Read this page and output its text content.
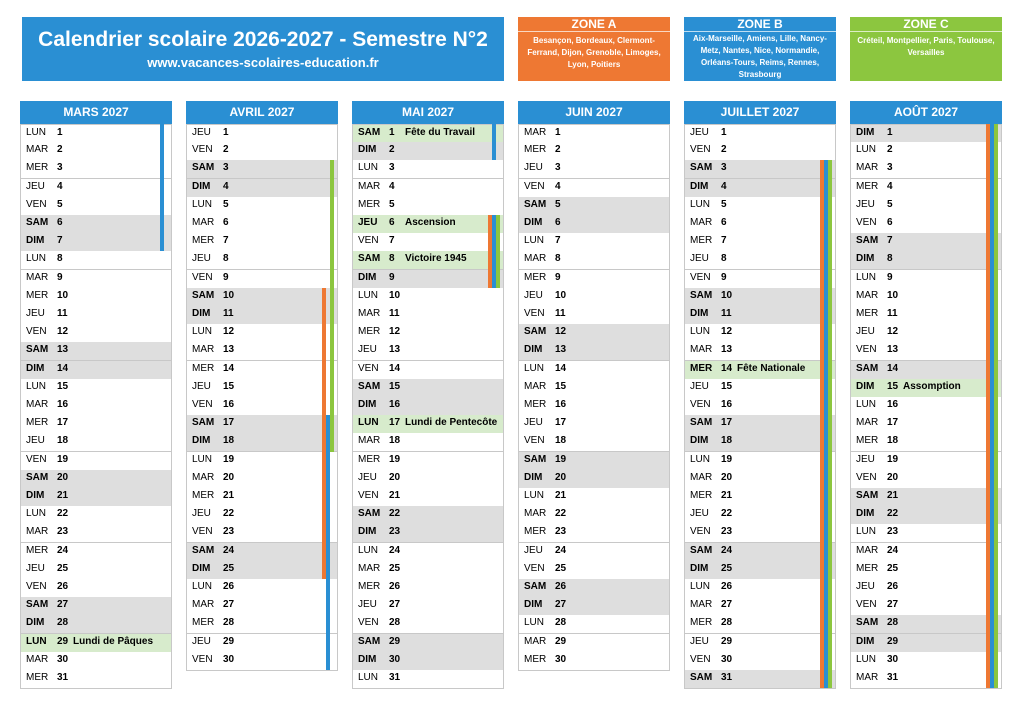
Calendrier scolaire 2026-2027 - Semestre N°2
www.vacances-scolaires-education.fr
ZONE A
Besançon, Bordeaux, Clermont-Ferrand, Dijon, Grenoble, Limoges, Lyon, Poitiers
ZONE B
Aix-Marseille, Amiens, Lille, Nancy-Metz, Nantes, Nice, Normandie, Orléans-Tours, Reims, Rennes, Strasbourg
ZONE C
Créteil, Montpellier, Paris, Toulouse, Versailles
MARS 2027
LUN	1
MAR 2
MER 3
JEU	4
VEN	5
SAM 6
DIM	7
LUN	8
MAR 9
MER 10
JEU	11
VEN	12
SAM 13
DIM	14
LUN	15
MAR 16
MER 17
JEU	18
VEN	19
SAM 20
DIM	21
LUN	22
MAR 23
MER 24
JEU	25
VEN	26
SAM 27
DIM	28
LUN	29 Lundi de Pâques
MAR 30
MER 31
AVRIL 2027
JEU	1
VEN	2
SAM 3
DIM	4
LUN	5
MAR 6
MER 7
JEU	8
VEN	9
SAM 10
DIM	11
LUN	12
MAR 13
MER 14
JEU	15
VEN	16
SAM 17
DIM	18
LUN	19
MAR 20
MER 21
JEU	22
VEN	23
SAM 24
DIM	25
LUN	26
MAR 27
MER 28
JEU	29
VEN	30
MAI 2027
SAM 1 Fête du Travail
DIM	2
LUN	3
MAR 4
MER 5
JEU	6 Ascension
VEN	7
SAM 8 Victoire 1945
DIM	9
LUN	10
MAR 11
MER 12
JEU	13
VEN	14
SAM 15
DIM	16
LUN	17 Lundi de Pentecôte
MAR 18
MER 19
JEU	20
VEN	21
SAM 22
DIM	23
LUN	24
MAR 25
MER 26
JEU	27
VEN	28
SAM 29
DIM	30
LUN	31
JUIN 2027
MAR 1
MER 2
JEU	3
VEN	4
SAM 5
DIM	6
LUN	7
MAR 8
MER 9
JEU	10
VEN	11
SAM 12
DIM	13
LUN	14
MAR 15
MER 16
JEU	17
VEN	18
SAM 19
DIM	20
LUN	21
MAR 22
MER 23
JEU	24
VEN	25
SAM 26
DIM	27
LUN	28
MAR 29
MER 30
JUILLET 2027
JEU	1
VEN	2
SAM 3
DIM	4
LUN	5
MAR 6
MER 7
JEU	8
VEN	9
SAM 10
DIM	11
LUN	12
MAR 13
MER 14 Fête Nationale
JEU	15
VEN	16
SAM 17
DIM	18
LUN	19
MAR 20
MER 21
JEU	22
VEN	23
SAM 24
DIM	25
LUN	26
MAR 27
MER 28
JEU	29
VEN	30
SAM 31
AOÛT 2027
DIM	1
LUN	2
MAR 3
MER 4
JEU	5
VEN	6
SAM 7
DIM	8
LUN	9
MAR 10
MER 11
JEU	12
VEN	13
SAM 14
DIM	15 Assomption
LUN	16
MAR 17
MER 18
JEU	19
VEN	20
SAM 21
DIM	22
LUN	23
MAR 24
MER 25
JEU	26
VEN	27
SAM 28
DIM	29
LUN	30
MAR 31
